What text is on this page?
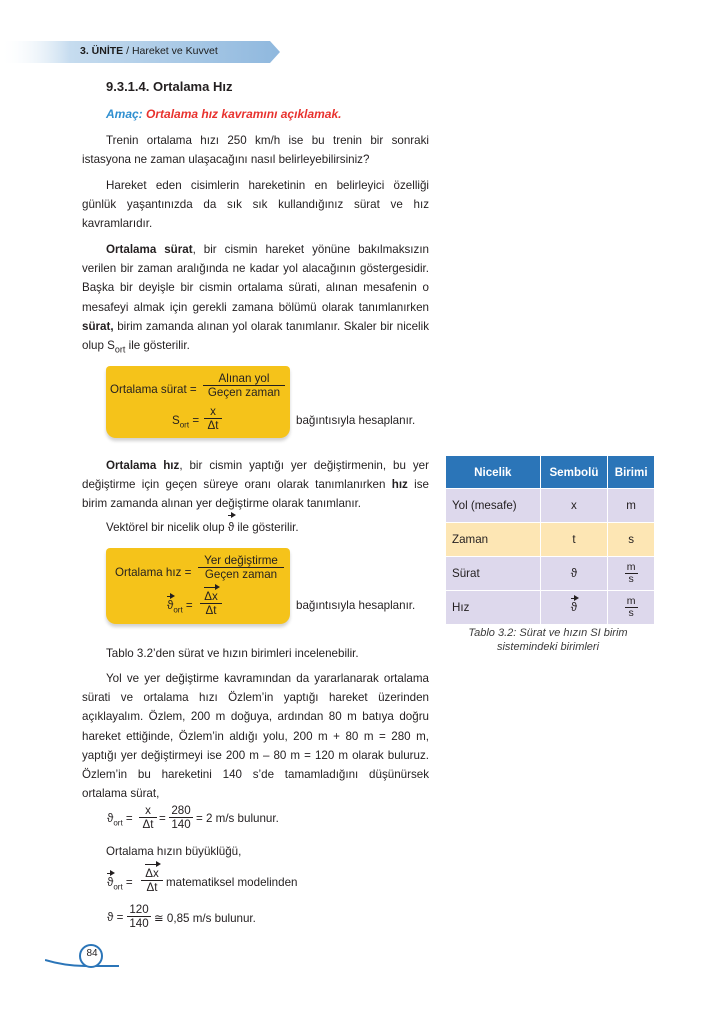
3. ÜNİTE / Hareket ve Kuvvet
9.3.1.4. Ortalama Hız
Amaç: Ortalama hız kavramını açıklamak.

Trenin ortalama hızı 250 km/h ise bu trenin bir sonraki istasyona ne zaman ulaşacağını nasıl belirleyebilirsiniz?

Hareket eden cisimlerin hareketinin en belirleyici özelliği günlük yaşantınızda da sık sık kullandığınız sürat ve hız kavramlarıdır.

Ortalama sürat, bir cismin hareket yönüne bakılmaksızın verilen bir zaman aralığında ne kadar yol alacağının göstergesidir. Başka bir deyişle bir cismin ortalama sürati, alınan mesafenin o mesafeyi almak için gerekli zamana bölümü olarak tanımlanırken sürat, birim zamanda alınan yol olarak tanımlanır. Skaler bir nicelik olup $S_{ort}$ ile gösterilir.

Ortalama sürat =
Alınan yol
Geçen zaman
$S_{ort}$ =
x
Δt	bağıntısıyla hesaplanır.

Ortalama hız, bir cismin yaptığı yer değiştirmenin, bu yer değiştirme için geçen süreye oranı olarak tanımlanırken hız ise birim zamanda alınan yer değiştirme olarak tanımlanır.

Vektörel bir nicelik olup ϑ ile gösterilir.

Ortalama hız =
Yer değiştirme
Geçen zaman
$ϑ_{ort}$ =
Δx
Δt	bağıntısıyla hesaplanır.

Tablo 3.2’den sürat ve hızın birimleri incelenebilir.

Yol ve yer değiştirme kavramından da yararlanarak ortalama sürati ve ortalama hızı Özlem’in yaptığı hareket üzerinden açıklayalım. Özlem, 200 m doğuya, ardından 80 m batıya doğru hareket ettiğinde, Özlem’in aldığı yolu, 200 m + 80 m = 280 m, yaptığı yer değiştirmeyi ise 200 m – 80 m = 120 m olarak buluruz. Özlem’in bu hareketini 140 s’de tamamladığını düşünürsek ortalama sürat,

$ϑ_{ort}$ =
x
Δt =
280
140 = 2 m/s bulunur.

Ortalama hızın büyüklüğü,

$ϑ_{ort}$ =
Δx
Δt matematiksel modelinden
ϑ =
120
140 ≅ 0,85 m/s bulunur.
Nicelik	Sembolü	Birimi
Yol (mesafe)	x	m
Zaman	t	s
Sürat	ϑ	$\frac{m}{s}$
Hız	ϑ	$\frac{m}{s}$
Tablo 3.2: Sürat ve hızın SI birim sistemindeki birimleri
84
